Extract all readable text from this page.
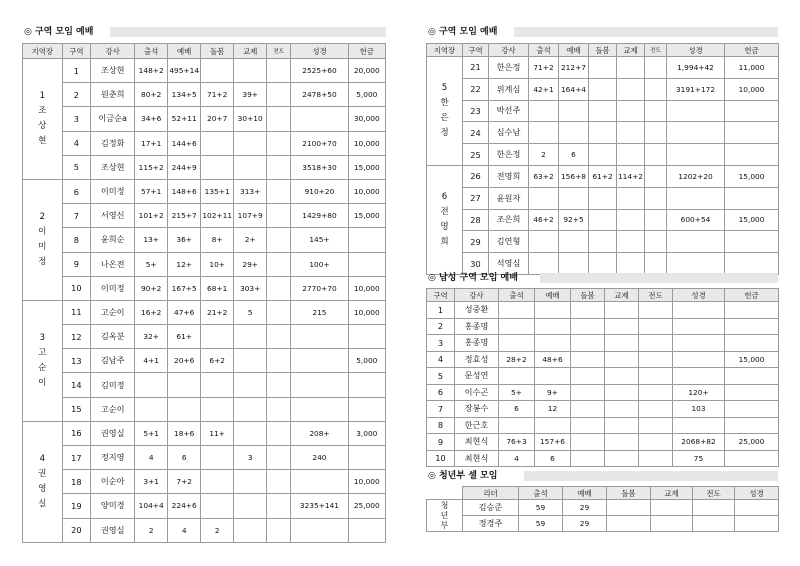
◎ 구역 모임 예배
지역장	구역	강사	출석	예배	돌봄	교제	전도	성경	헌금
1
조
상
현	1	조상현	148+2	495+14				2525+60	20,000
	2	원춘희	80+2	134+5	71+2	39+		2478+50	5,000
	3	이금순a	34+6	52+11	20+7	30+10			30,000
	4	김정화	17+1	144+6				2100+70	10,000
	5	조상현	115+2	244+9				3518+30	15,000
2
이
미
정	6	이미정	57+1	148+6	135+1	313+		910+20	10,000
	7	서영신	101+2	215+7	102+11	107+9		1429+80	15,000
	8	윤희순	13+	36+	8+	2+		145+	
	9	나온전	5+	12+	10+	29+		100+	
	10	이미정	90+2	167+5	68+1	303+		2770+70	10,000
3
고
순
이	11	고순이	16+2	47+6	21+2	5		215	10,000
	12	김옥분	32+	61+					
	13	김남주	4+1	20+6	6+2				5,000
	14	김미정							
	15	고순이							
4
권
영
실	16	권영실	5+1	18+6	11+			208+	3,000
	17	정지영	4	6		3		240	
	18	이순아	3+1	7+2					10,000
	19	양미경	104+4	224+6				3235+141	25,000
	20	권영실	2	4	2				
◎ 구역 모임 예배
지역장	구역	강사	출석	예배	돌봄	교제	전도	성경	헌금
5
한
은
정	21	한은정	71+2	212+7				1,994+42	11,000
	22	위계심	42+1	164+4				3191+172	10,000
	23	박선주							
	24	심수남							
	25	한은정	2	6					
6
전
명
희	26	전명희	63+2	156+8	61+2	114+2		1202+20	15,000
	27	윤원자							
	28	조은희	46+2	92+5				600+54	15,000
	29	김연형							
	30	석영심							
◎ 남성 구역 모임 예배
구역	강사	출석	예배	돌봄	교제	전도	성경	헌금
1	성중환							
2	홍종명							
3	홍종명							
4	정효성	28+2	48+6					15,000
5	문성연							
6	이수곤	5+	9+				120+	
7	장봉수	6	12				103	
8	한근호							
9	최현식	76+3	157+6				2068+82	25,000
10	최현식	4	6				75	
◎ 청년부 셀 모임
	리더	출석	예배	돌봄	교제	전도	성경
청
년
부	김승준	59	29				
	정경주	59	29				
